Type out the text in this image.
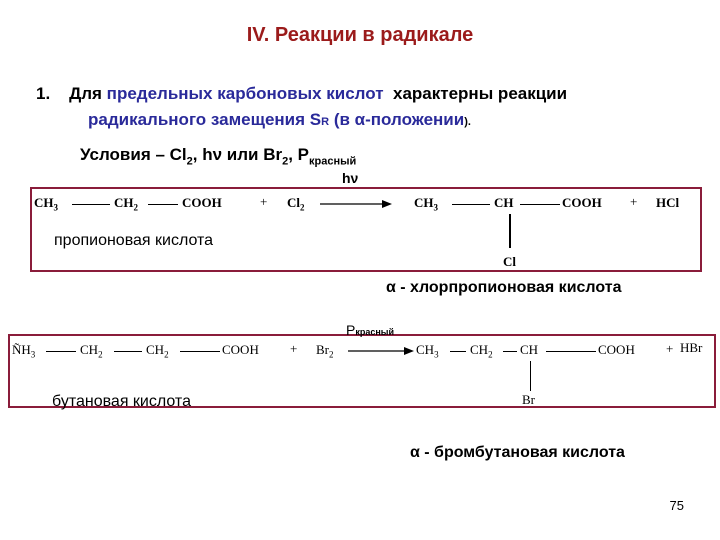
IV. Реакции в радикале
1. Для предельных карбоновых кислот характерны реакции
радикального замещения SR (в α-положении).
Условия – $Cl_2$, hν или $Br_2$, $P_{красный}$
hν
$CH_3$	$CH_2$	COOH	+ $Cl_2$	$CH_3$	CH	COOH + HCl
Cl
пропионовая кислота
α - хлорпропионовая кислота
Ркрасный
$ÑH_3$	$CH_2$	$CH_2$	COOH + $Br_2$	$CH_3$ $CH_2$ CH	COOH + HBr
Br
бутановая кислота
α - бромбутановая кислота
75
